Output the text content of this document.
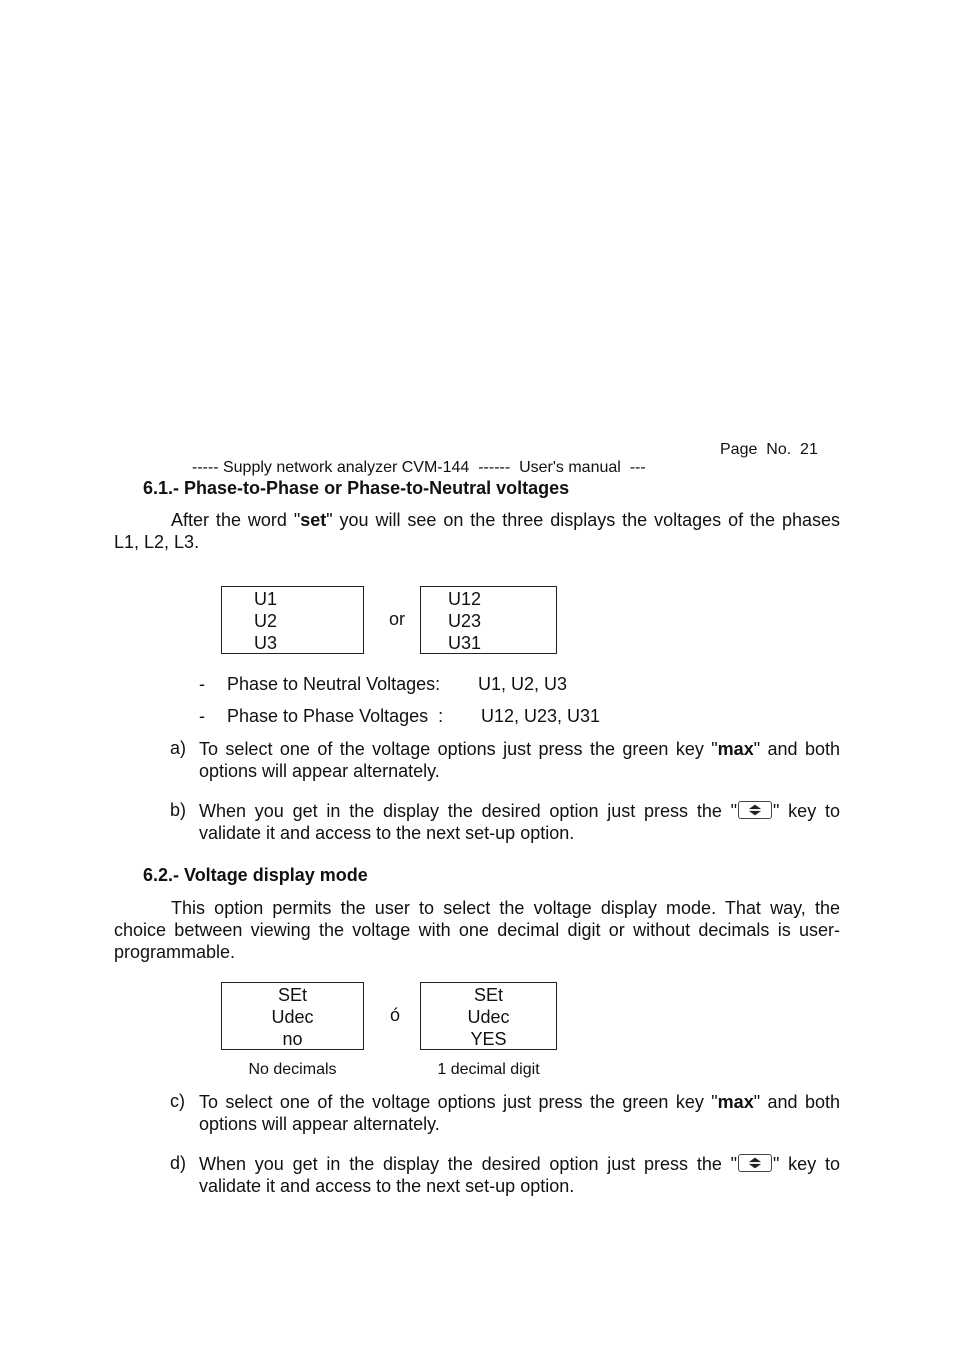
----- Supply network analyzer CVM-144  ------  User's manual  ---

Page  No.  21
6.1.- Phase-to-Phase or Phase-to-Neutral voltages
After the word "set" you will see on the three displays the voltages of the phases L1, L2, L3.
U1
U2
U3
or
U12
U23
U31
-	Phase to Neutral Voltages: U1, U2, U3
-	Phase to Phase Voltages  : U12, U23, U31
a) To select one of the voltage options just press the green key "max" and both options will appear alternately.
b) When you get in the display the desired option just press the " " key to validate it and access to the next set-up option.
6.2.- Voltage display mode
This option permits the user to select the voltage display mode. That way, the choice between viewing the voltage with one decimal digit or without decimals is user-programmable.
SEt
Udec
no
ó
SEt
Udec
YES
No decimals	1 decimal digit
c) To select one of the voltage options just press the green key "max" and both options will appear alternately.
d) When you get in the display the desired option just press the " " key to validate it and access to the next set-up option.
